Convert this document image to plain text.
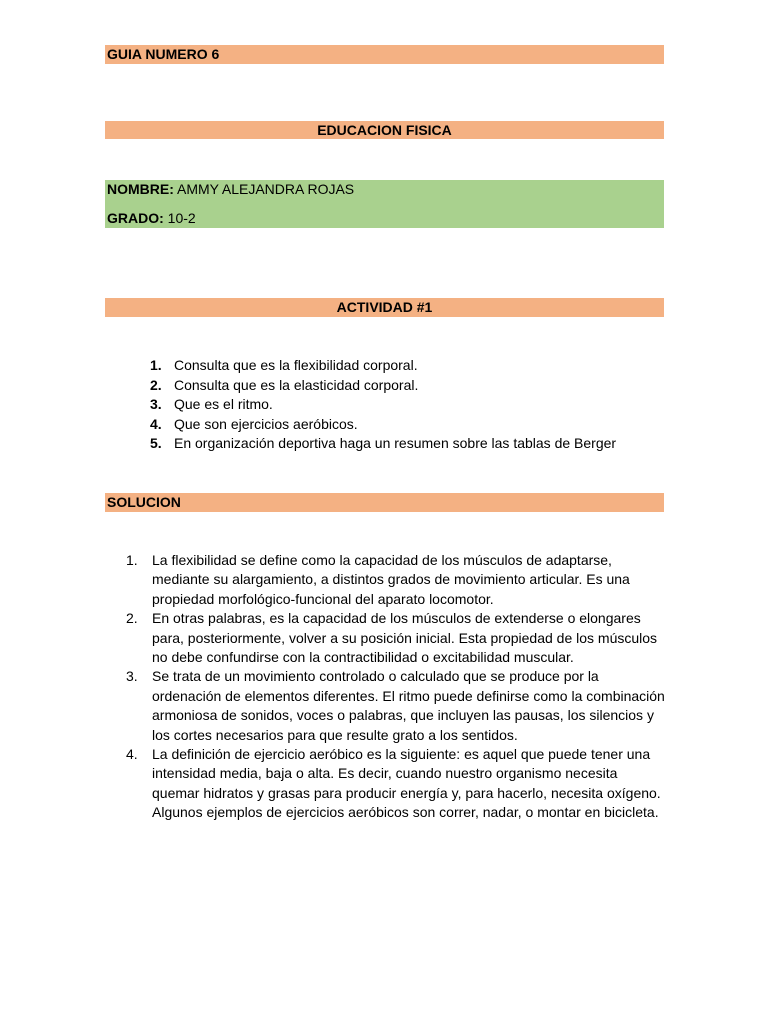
GUIA NUMERO 6
EDUCACION FISICA
NOMBRE: AMMY ALEJANDRA ROJAS
GRADO: 10-2
ACTIVIDAD #1
1. Consulta que es la flexibilidad corporal.
2. Consulta que es la elasticidad corporal.
3. Que es el ritmo.
4. Que son ejercicios aeróbicos.
5. En organización deportiva haga un resumen sobre las tablas de Berger
SOLUCION
1.	La flexibilidad se define como la capacidad de los músculos de adaptarse, mediante su alargamiento, a distintos grados de movimiento articular. Es una propiedad morfológico-funcional del aparato locomotor.
2.	En otras palabras, es la capacidad de los músculos de extenderse o elongares para, posteriormente, volver a su posición inicial. Esta propiedad de los músculos no debe confundirse con la contractibilidad o excitabilidad muscular.
3.	Se trata de un movimiento controlado o calculado que se produce por la ordenación de elementos diferentes. El ritmo puede definirse como la combinación armoniosa de sonidos, voces o palabras, que incluyen las pausas, los silencios y los cortes necesarios para que resulte grato a los sentidos.
4.	La definición de ejercicio aeróbico es la siguiente: es aquel que puede tener una intensidad media, baja o alta. Es decir, cuando nuestro organismo necesita quemar hidratos y grasas para producir energía y, para hacerlo, necesita oxígeno. Algunos ejemplos de ejercicios aeróbicos son correr, nadar, o montar en bicicleta.
